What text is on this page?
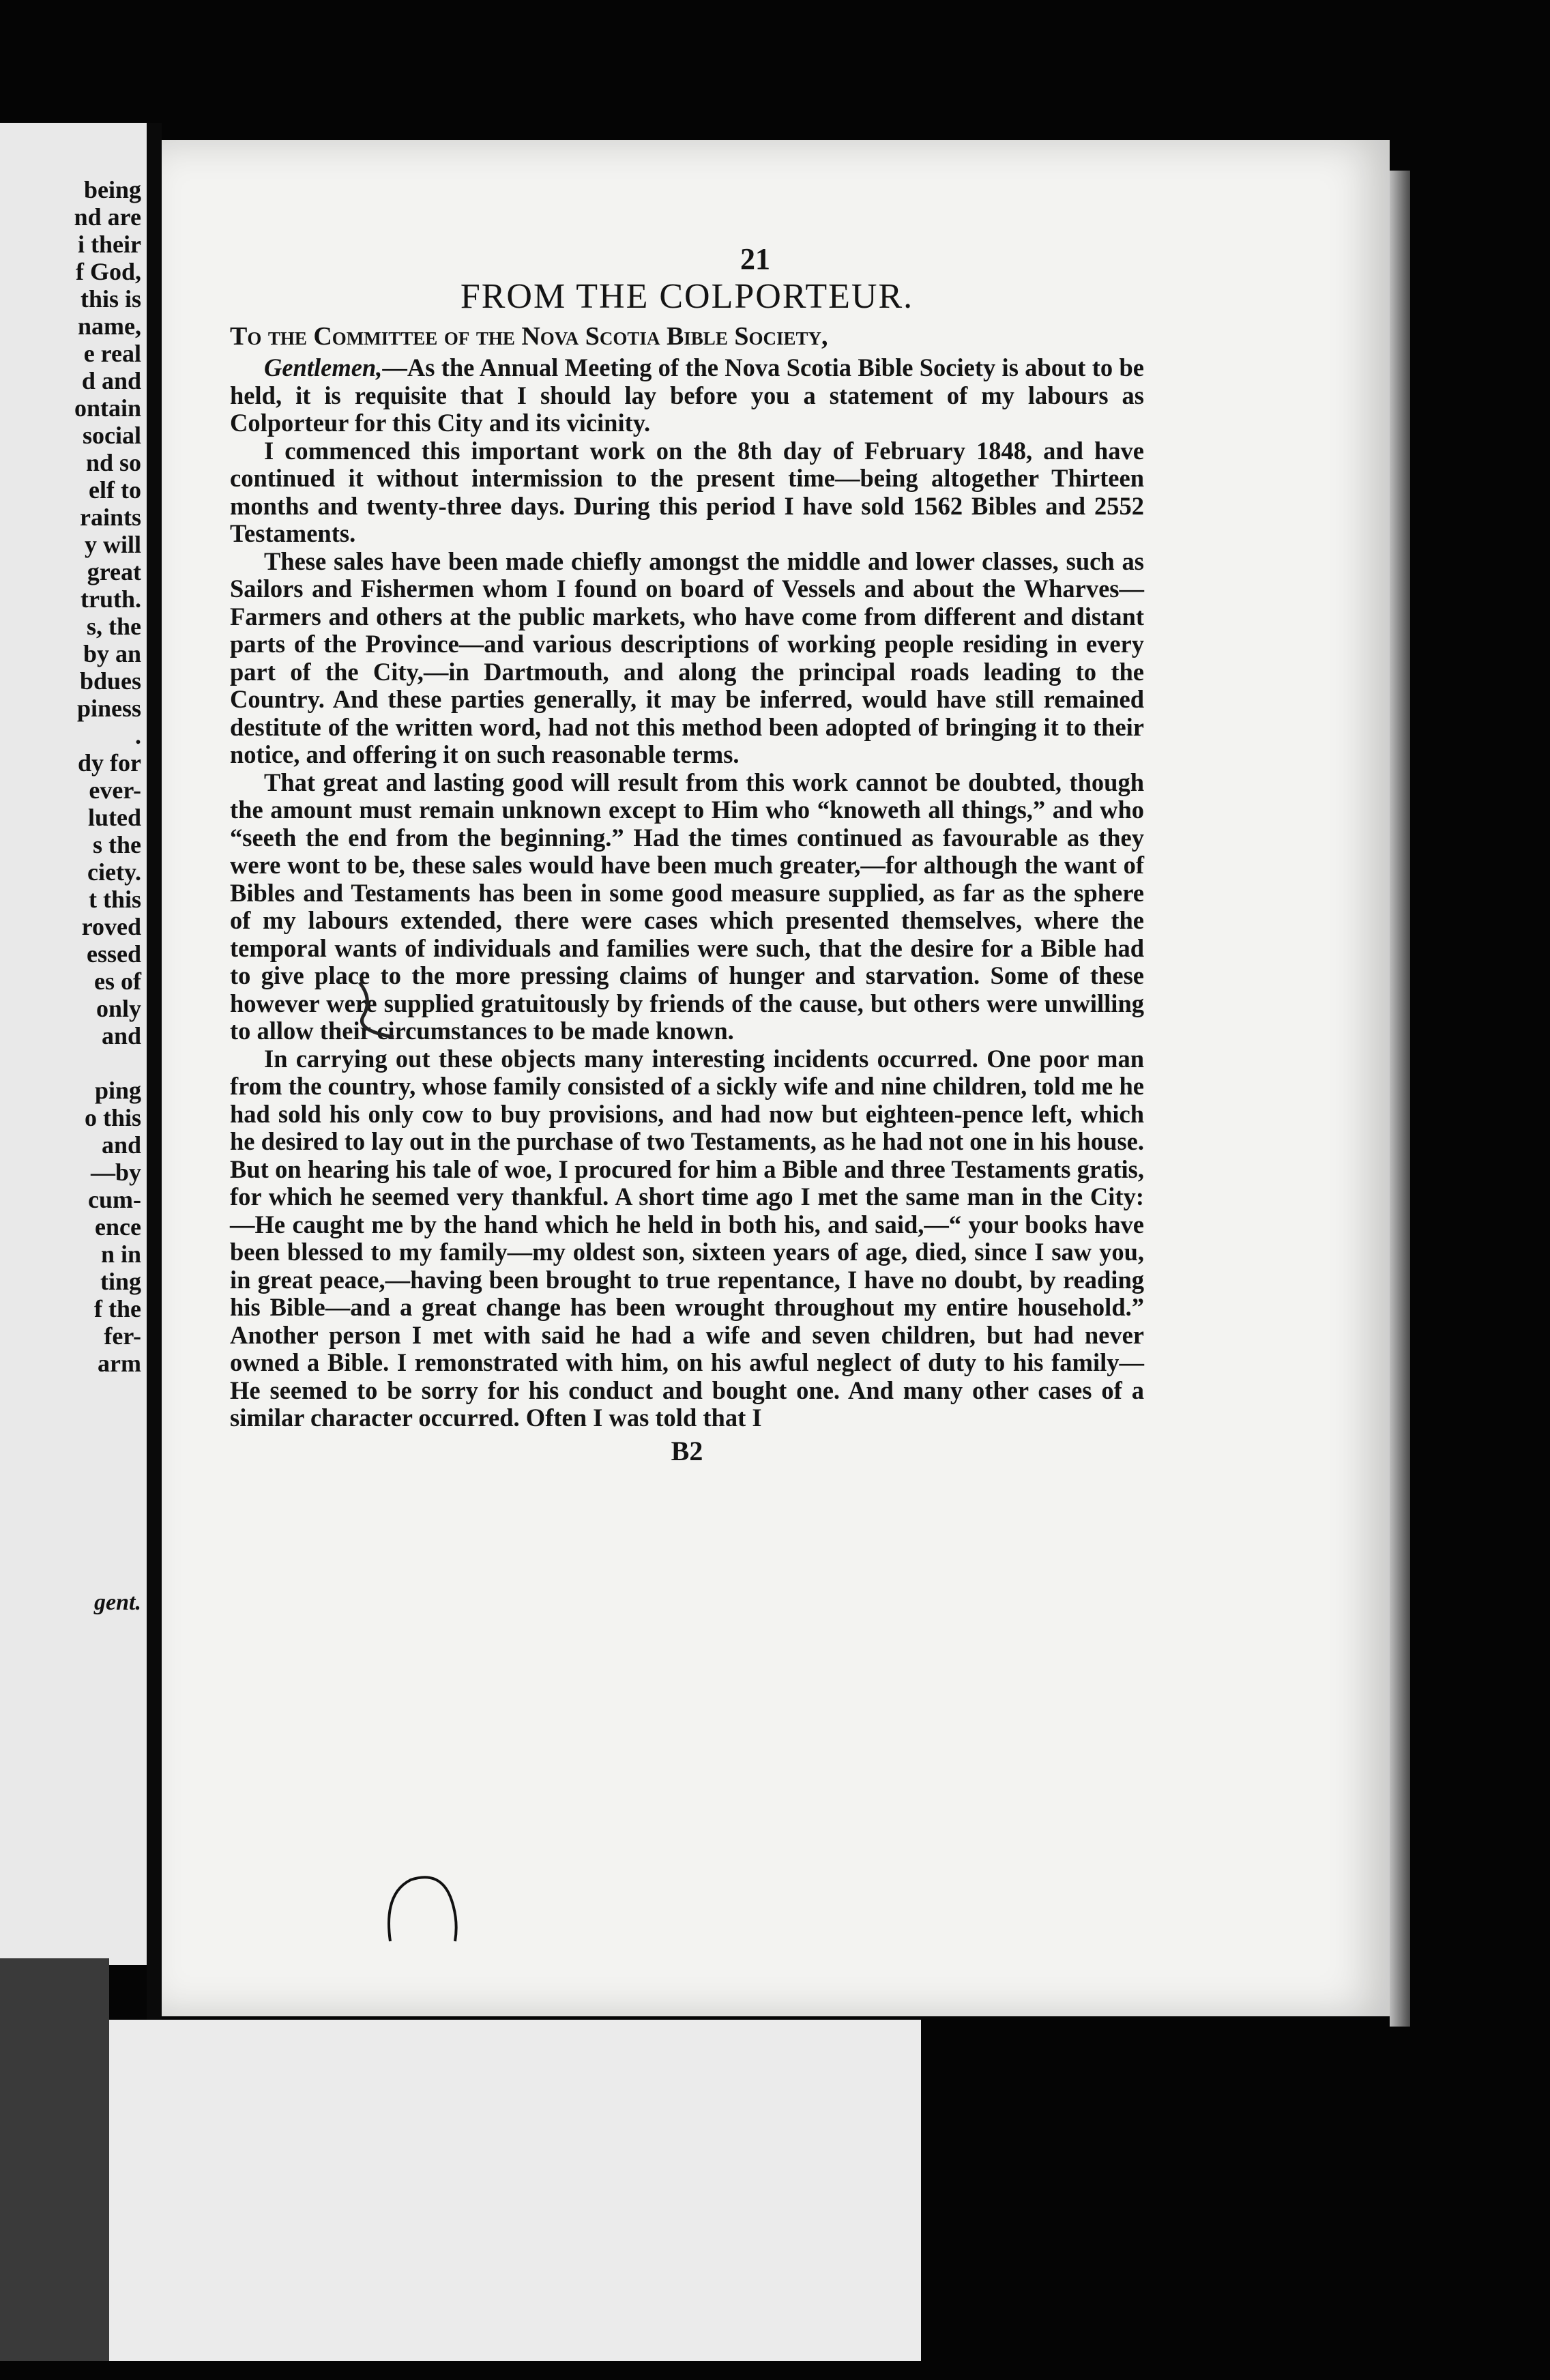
being
nd are
i their
f God,
this is
name,
e real
d and
ontain
social
nd so
elf to
raints
y will
great
truth.
s, the
by an
bdues
piness
.
dy for
ever-
luted
s the
ciety.
t this
roved
essed
es of
only
and
ping
o this
and
—by
cum-
ence
n in
ting
f the
fer-
arm
gent.
21
FROM THE COLPORTEUR.
To the Committee of the Nova Scotia Bible Society,

Gentlemen,—As the Annual Meeting of the Nova Scotia Bible Society is about to be held, it is requisite that I should lay before you a statement of my labours as Colporteur for this City and its vicinity.

I commenced this important work on the 8th day of February 1848, and have continued it without intermission to the present time—being altogether Thirteen months and twenty-three days. During this period I have sold 1562 Bibles and 2552 Testaments.

These sales have been made chiefly amongst the middle and lower classes, such as Sailors and Fishermen whom I found on board of Vessels and about the Wharves—Farmers and others at the public markets, who have come from different and distant parts of the Province—and various descriptions of working people residing in every part of the City,—in Dartmouth, and along the principal roads leading to the Country. And these parties generally, it may be inferred, would have still remained destitute of the written word, had not this method been adopted of bringing it to their notice, and offering it on such reasonable terms.

That great and lasting good will result from this work cannot be doubted, though the amount must remain unknown except to Him who “knoweth all things,” and who “seeth the end from the beginning.” Had the times continued as favourable as they were wont to be, these sales would have been much greater,—for although the want of Bibles and Testaments has been in some good measure supplied, as far as the sphere of my labours extended, there were cases which presented themselves, where the temporal wants of individuals and families were such, that the desire for a Bible had to give place to the more pressing claims of hunger and starvation. Some of these however were supplied gratuitously by friends of the cause, but others were unwilling to allow their circumstances to be made known.

In carrying out these objects many interesting incidents occurred. One poor man from the country, whose family consisted of a sickly wife and nine children, told me he had sold his only cow to buy provisions, and had now but eighteen-pence left, which he desired to lay out in the purchase of two Testaments, as he had not one in his house. But on hearing his tale of woe, I procured for him a Bible and three Testaments gratis, for which he seemed very thankful. A short time ago I met the same man in the City:—He caught me by the hand which he held in both his, and said,—“ your books have been blessed to my family—my oldest son, sixteen years of age, died, since I saw you, in great peace,—having been brought to true repentance, I have no doubt, by reading his Bible—and a great change has been wrought throughout my entire household.” Another person I met with said he had a wife and seven children, but had never owned a Bible. I remonstrated with him, on his awful neglect of duty to his family—He seemed to be sorry for his conduct and bought one. And many other cases of a similar character occurred. Often I was told that I

B2
